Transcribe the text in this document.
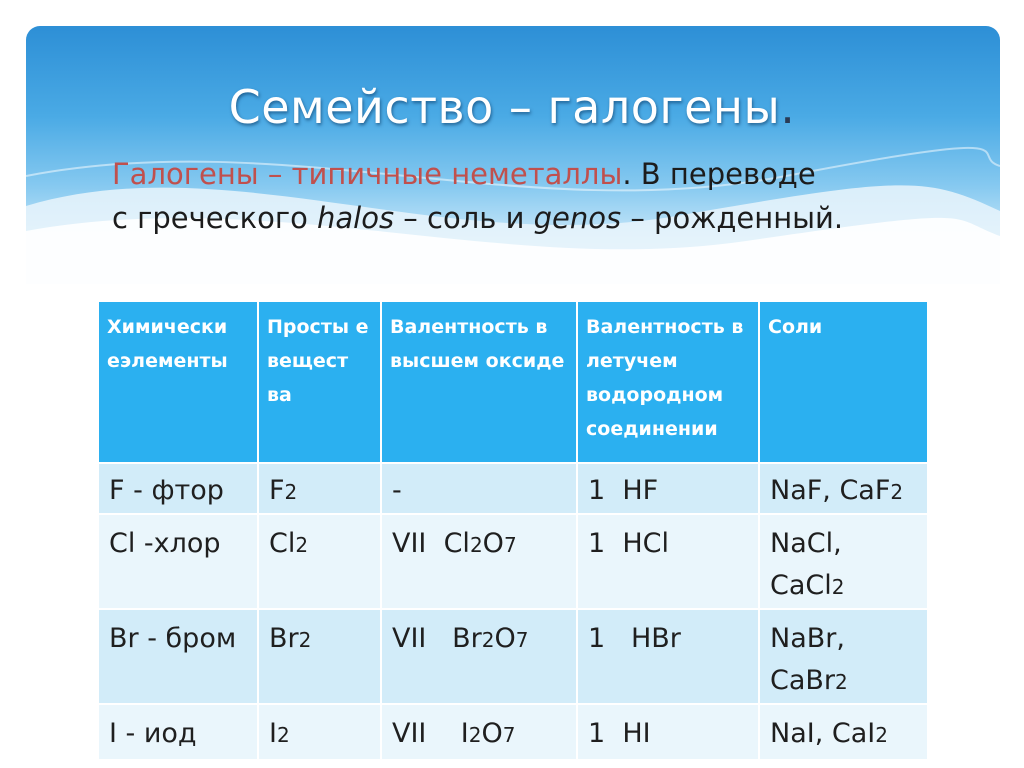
Семейство – галогены.
Галогены – типичные неметаллы. В переводе
с греческого halos – соль и genos – рожденный.
Химически еэлементы	Просты е вещест ва	Валентность в высшем оксиде	Валентность в летучем водородном соединении	Соли
F - фтор	F2	-	1 HF	NaF, CaF2
Cl -хлор	Cl2	VII Cl2O7	1 HCl	NaCl,
CaCl2

Br - бром	Br2	VII Br2O7	1 HBr	NaBr,
CaBr2

I - иод	I2	VII I2O7	1 HI	NaI, CaI2
